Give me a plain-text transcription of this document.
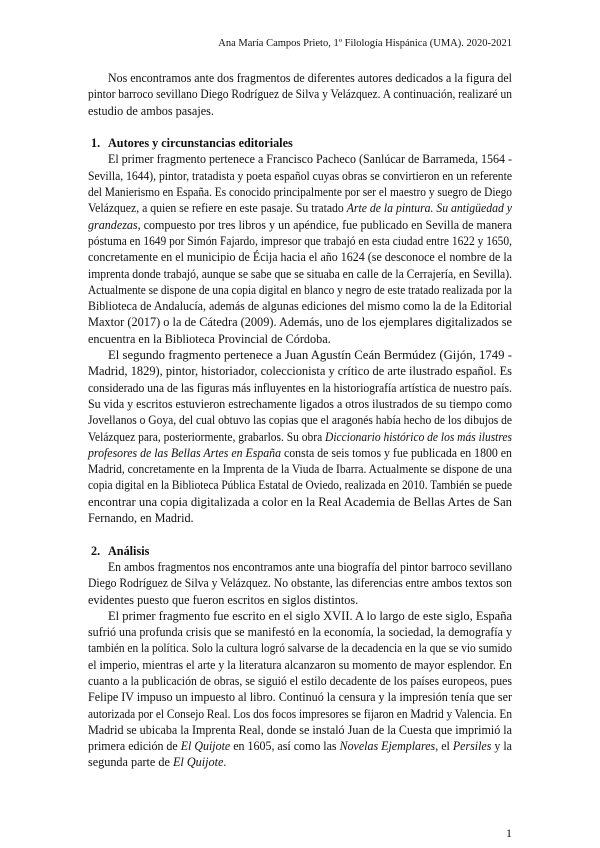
Ana María Campos Prieto, 1º Filología Hispánica (UMA). 2020-2021
Nos encontramos ante dos fragmentos de diferentes autores dedicados a la figura del
pintor barroco sevillano Diego Rodríguez de Silva y Velázquez. A continuación, realizaré un
estudio de ambos pasajes.
1. Autores y circunstancias editoriales
El primer fragmento pertenece a Francisco Pacheco (Sanlúcar de Barrameda, 1564 -
Sevilla, 1644), pintor, tratadista y poeta español cuyas obras se convirtieron en un referente
del Manierismo en España. Es conocido principalmente por ser el maestro y suegro de Diego
Velázquez, a quien se refiere en este pasaje. Su tratado Arte de la pintura. Su antigüedad y
grandezas, compuesto por tres libros y un apéndice, fue publicado en Sevilla de manera
póstuma en 1649 por Simón Fajardo, impresor que trabajó en esta ciudad entre 1622 y 1650,
concretamente en el municipio de Écija hacia el año 1624 (se desconoce el nombre de la
imprenta donde trabajó, aunque se sabe que se situaba en calle de la Cerrajería, en Sevilla).
Actualmente se dispone de una copia digital en blanco y negro de este tratado realizada por la
Biblioteca de Andalucía, además de algunas ediciones del mismo como la de la Editorial
Maxtor (2017) o la de Cátedra (2009). Además, uno de los ejemplares digitalizados se
encuentra en la Biblioteca Provincial de Córdoba.
El segundo fragmento pertenece a Juan Agustín Ceán Bermúdez (Gijón, 1749 -
Madrid, 1829), pintor, historiador, coleccionista y crítico de arte ilustrado español. Es
considerado una de las figuras más influyentes en la historiografía artística de nuestro país.
Su vida y escritos estuvieron estrechamente ligados a otros ilustrados de su tiempo como
Jovellanos o Goya, del cual obtuvo las copias que el aragonés había hecho de los dibujos de
Velázquez para, posteriormente, grabarlos. Su obra Diccionario histórico de los más ilustres
profesores de las Bellas Artes en España consta de seis tomos y fue publicada en 1800 en
Madrid, concretamente en la Imprenta de la Viuda de Ibarra. Actualmente se dispone de una
copia digital en la Biblioteca Pública Estatal de Oviedo, realizada en 2010. También se puede
encontrar una copia digitalizada a color en la Real Academia de Bellas Artes de San
Fernando, en Madrid.
2. Análisis
En ambos fragmentos nos encontramos ante una biografía del pintor barroco sevillano
Diego Rodríguez de Silva y Velázquez. No obstante, las diferencias entre ambos textos son
evidentes puesto que fueron escritos en siglos distintos.
El primer fragmento fue escrito en el siglo XVII. A lo largo de este siglo, España
sufrió una profunda crisis que se manifestó en la economía, la sociedad, la demografía y
también en la política. Solo la cultura logró salvarse de la decadencia en la que se vio sumido
el imperio, mientras el arte y la literatura alcanzaron su momento de mayor esplendor. En
cuanto a la publicación de obras, se siguió el estilo decadente de los países europeos, pues
Felipe IV impuso un impuesto al libro. Continuó la censura y la impresión tenía que ser
autorizada por el Consejo Real. Los dos focos impresores se fijaron en Madrid y Valencia. En
Madrid se ubicaba la Imprenta Real, donde se instaló Juan de la Cuesta que imprimió la
primera edición de El Quijote en 1605, así como las Novelas Ejemplares, el Persiles y la
segunda parte de El Quijote.
1
